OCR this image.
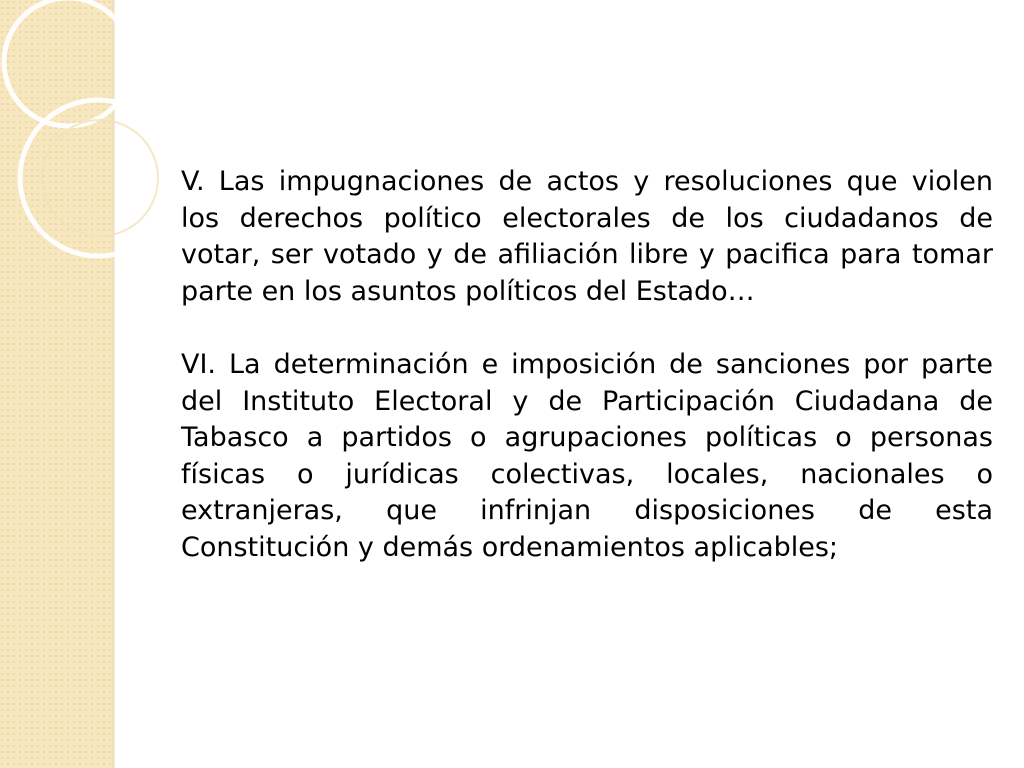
V. Las impugnaciones de actos y resoluciones que violen los derechos político electorales de los ciudadanos de votar, ser votado y de afiliación libre y pacifica para tomar parte en los asuntos políticos del Estado…

VI. La determinación e imposición de sanciones por parte del Instituto Electoral y de Participación Ciudadana de Tabasco a partidos o agrupaciones políticas o personas físicas o jurídicas colectivas, locales, nacionales o extranjeras, que infrinjan disposiciones de esta Constitución y demás ordenamientos aplicables;
